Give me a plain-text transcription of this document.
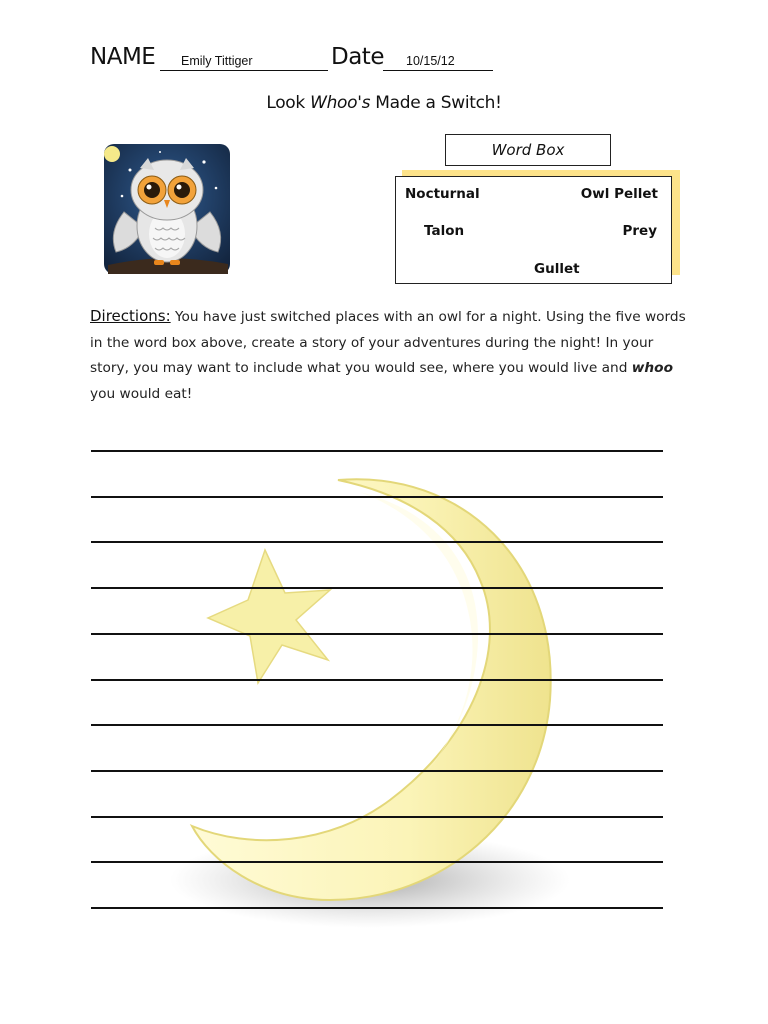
NAME Emily Tittiger	Date 10/15/12
Look Whoo's Made a Switch!
Word Box
Nocturnal	Owl Pellet
Talon	Prey
Gullet
Directions: You have just switched places with an owl for a night. Using the five words in the word box above, create a story of your adventures during the night! In your story, you may want to include what you would see, where you would live and whoo you would eat!
